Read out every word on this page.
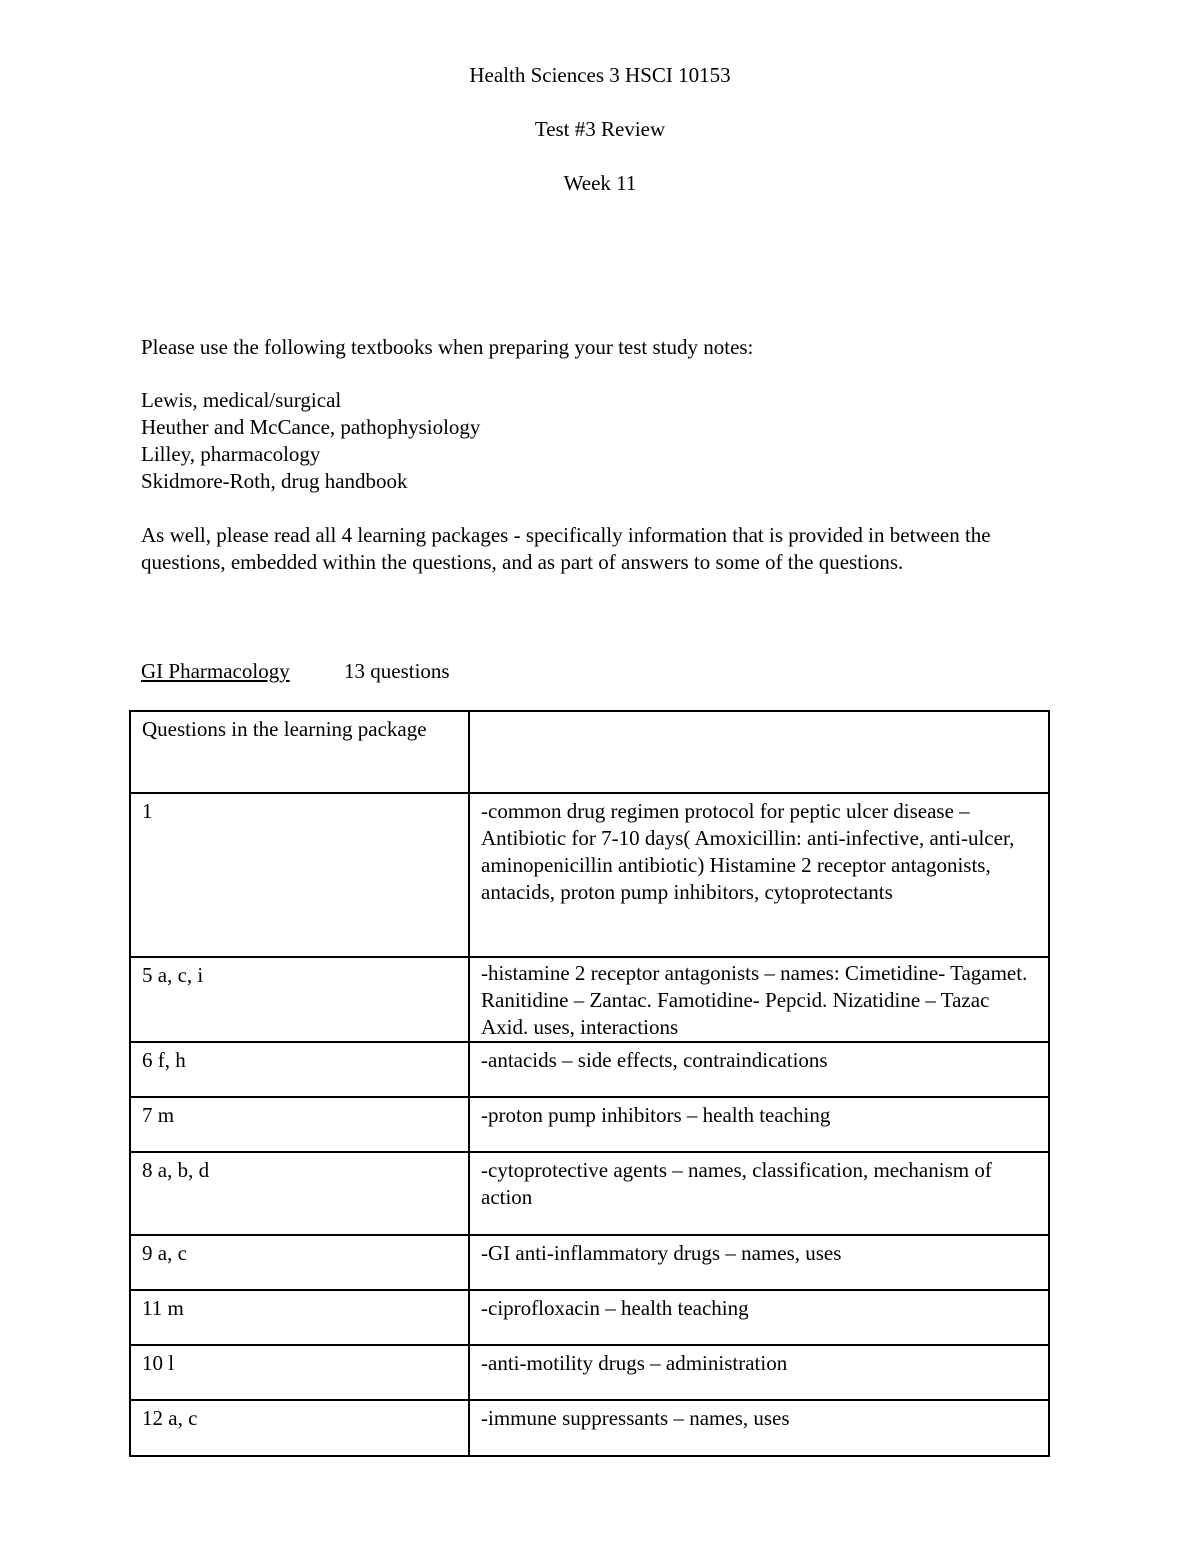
Health Sciences 3 HSCI 10153
Test #3 Review
Week 11
Please use the following textbooks when preparing your test study notes:
Lewis, medical/surgical
Heuther and McCance, pathophysiology
Lilley, pharmacology
Skidmore-Roth, drug handbook
As well, please read all 4 learning packages - specifically information that is provided in between the questions, embedded within the questions, and as part of answers to some of the questions.
GI Pharmacology	13 questions
Questions in the learning package	
1	-common drug regimen protocol for peptic ulcer disease – Antibiotic for 7-10 days( Amoxicillin: anti-infective, anti-ulcer, aminopenicillin antibiotic) Histamine 2 receptor antagonists, antacids, proton pump inhibitors, cytoprotectants
5 a, c, i	-histamine 2 receptor antagonists – names: Cimetidine- Tagamet. Ranitidine – Zantac. Famotidine- Pepcid. Nizatidine – Tazac Axid. uses, interactions
6 f, h	-antacids – side effects, contraindications
7 m	-proton pump inhibitors – health teaching
8 a, b, d	-cytoprotective agents – names, classification, mechanism of action
9 a, c	-GI anti-inflammatory drugs – names, uses
11 m	-ciprofloxacin – health teaching
10 l	-anti-motility drugs – administration
12 a, c	-immune suppressants – names, uses
